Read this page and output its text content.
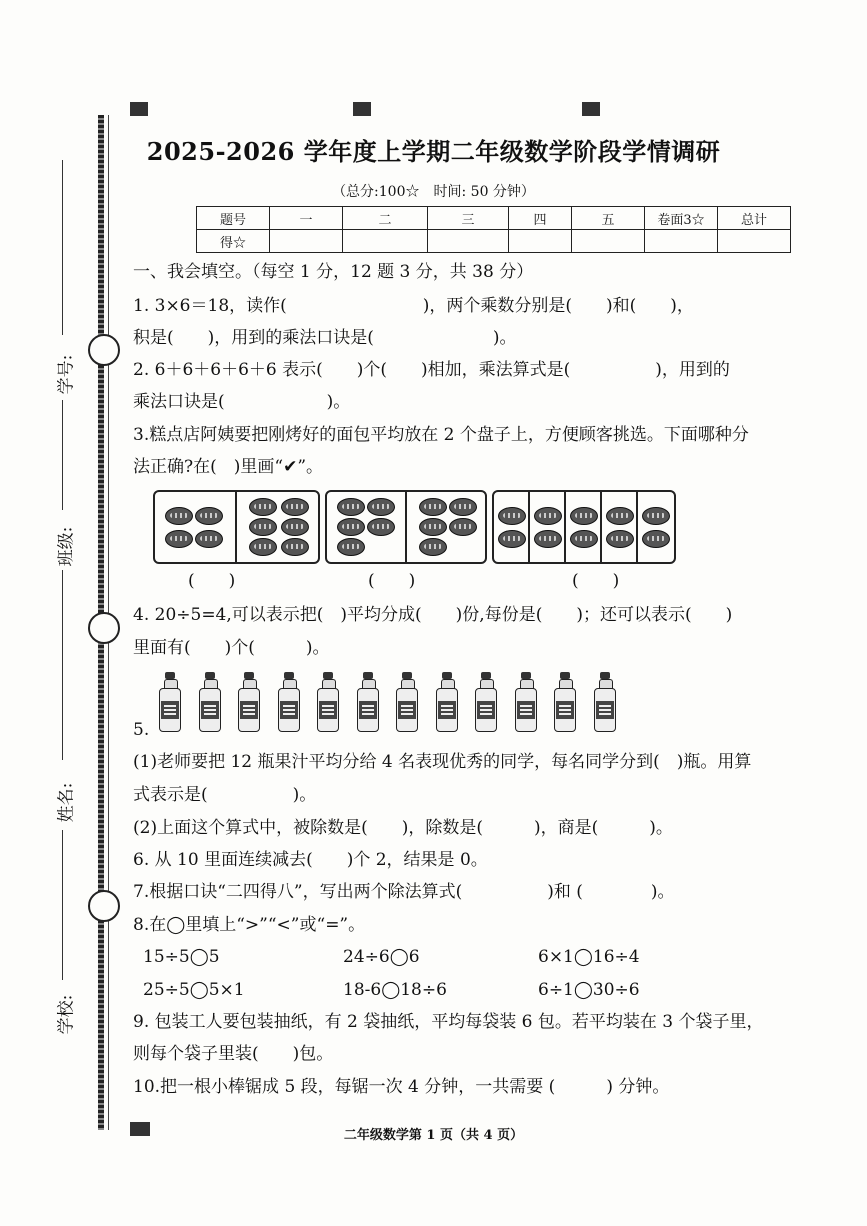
学号:
班级:
姓名:
学校:
2025-2026 学年度上学期二年级数学阶段学情调研
（总分:100☆　时间: 50 分钟）
题号	一	二	三	四	五	卷面3☆	总计
得☆							
一、我会填空。（每空 1 分，12 题 3 分，共 38 分）
1. 3×6＝18，读作(　　　　　　　　)，两个乘数分别是(　　)和(　　)，
积是(　　)，用到的乘法口诀是(　　　　　　　)。
2. 6＋6＋6＋6＋6 表示(　　)个(　　)相加，乘法算式是(　　　　　)，用到的
乘法口诀是(　　　　　　)。
3.糕点店阿姨要把刚烤好的面包平均放在 2 个盘子上，方便顾客挑选。下面哪种分
法正确?在(　)里画“✔”。
(　　)	(　　)	(　　)
4. 20÷5=4,可以表示把(　)平均分成(　　)份,每份是(　　)；还可以表示(　　)
里面有(　　)个(　　　)。
5.
(1)老师要把 12 瓶果汁平均分给 4 名表现优秀的同学，每名同学分到(　)瓶。用算
式表示是(　　　　　)。
(2)上面这个算式中，被除数是(　　)，除数是(　　　)，商是(　　　)。
6. 从 10 里面连续减去(　　)个 2，结果是 0。
7.根据口诀“二四得八”，写出两个除法算式(　　　　　)和 (　　　　)。
8.在◯里填上“>”“<”或“=”。
15÷5◯5	24÷6◯6	6×1◯16÷4
25÷5◯5×1	18-6◯18÷6	6÷1◯30÷6
9. 包装工人要包装抽纸，有 2 袋抽纸，平均每袋装 6 包。若平均装在 3 个袋子里，
则每个袋子里装(　　)包。
10.把一根小棒锯成 5 段，每锯一次 4 分钟，一共需要 (　　　) 分钟。
二年级数学第 1 页（共 4 页）
